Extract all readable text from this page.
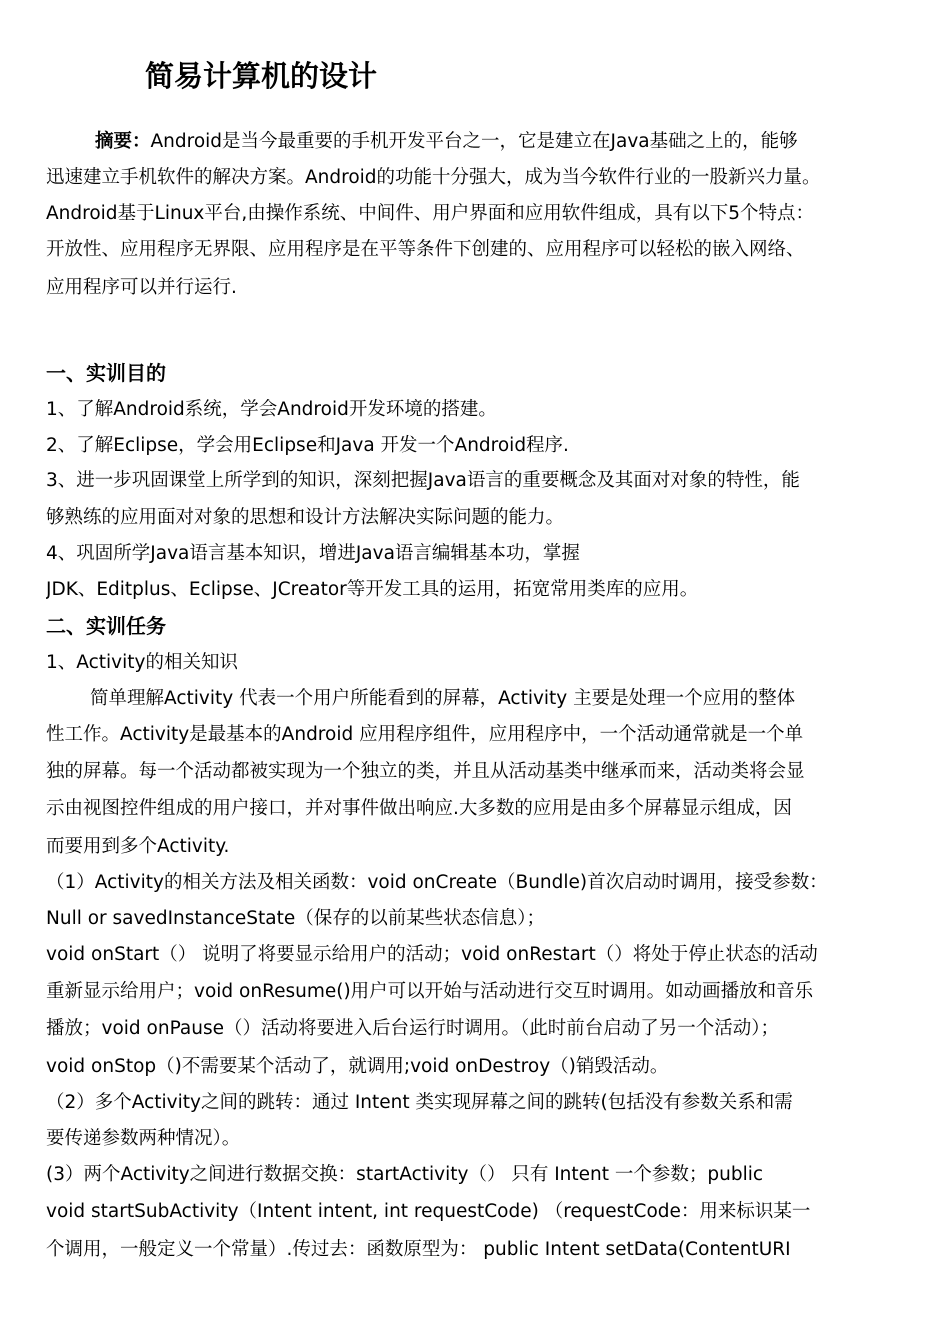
简易计算机的设计
摘要：Android是当今最重要的手机开发平台之一，它是建立在Java基础之上的，能够
迅速建立手机软件的解决方案。Android的功能十分强大，成为当今软件行业的一股新兴力量。
Android基于Linux平台,由操作系统、中间件、用户界面和应用软件组成，具有以下5个特点：
开放性、应用程序无界限、应用程序是在平等条件下创建的、应用程序可以轻松的嵌入网络、
应用程序可以并行运行.
一、实训目的
1、了解Android系统，学会Android开发环境的搭建。
2、了解Eclipse，学会用Eclipse和Java 开发一个Android程序.
3、进一步巩固课堂上所学到的知识，深刻把握Java语言的重要概念及其面对对象的特性，能
够熟练的应用面对对象的思想和设计方法解决实际问题的能力。
4、巩固所学Java语言基本知识，增进Java语言编辑基本功，掌握
JDK、Editplus、Eclipse、JCreator等开发工具的运用，拓宽常用类库的应用。
二、实训任务
1、Activity的相关知识
简单理解Activity 代表一个用户所能看到的屏幕，Activity 主要是处理一个应用的整体
性工作。Activity是最基本的Android 应用程序组件，应用程序中，一个活动通常就是一个单
独的屏幕。每一个活动都被实现为一个独立的类，并且从活动基类中继承而来，活动类将会显
示由视图控件组成的用户接口，并对事件做出响应.大多数的应用是由多个屏幕显示组成，因
而要用到多个Activity.
（1）Activity的相关方法及相关函数：void onCreate（Bundle)首次启动时调用，接受参数：
Null or savedInstanceState（保存的以前某些状态信息）；
void onStart（） 说明了将要显示给用户的活动；void onRestart（）将处于停止状态的活动
重新显示给用户；void onResume()用户可以开始与活动进行交互时调用。如动画播放和音乐
播放；void onPause（）活动将要进入后台运行时调用。（此时前台启动了另一个活动）；
void onStop（)不需要某个活动了，就调用;void onDestroy（)销毁活动。
（2）多个Activity之间的跳转：通过 Intent 类实现屏幕之间的跳转(包括没有参数关系和需
要传递参数两种情况）。
(3）两个Activity之间进行数据交换：startActivity（） 只有 Intent 一个参数；public
void startSubActivity（Intent intent, int requestCode) （requestCode：用来标识某一
个调用，一般定义一个常量）.传过去：函数原型为： public Intent setData(ContentURI
